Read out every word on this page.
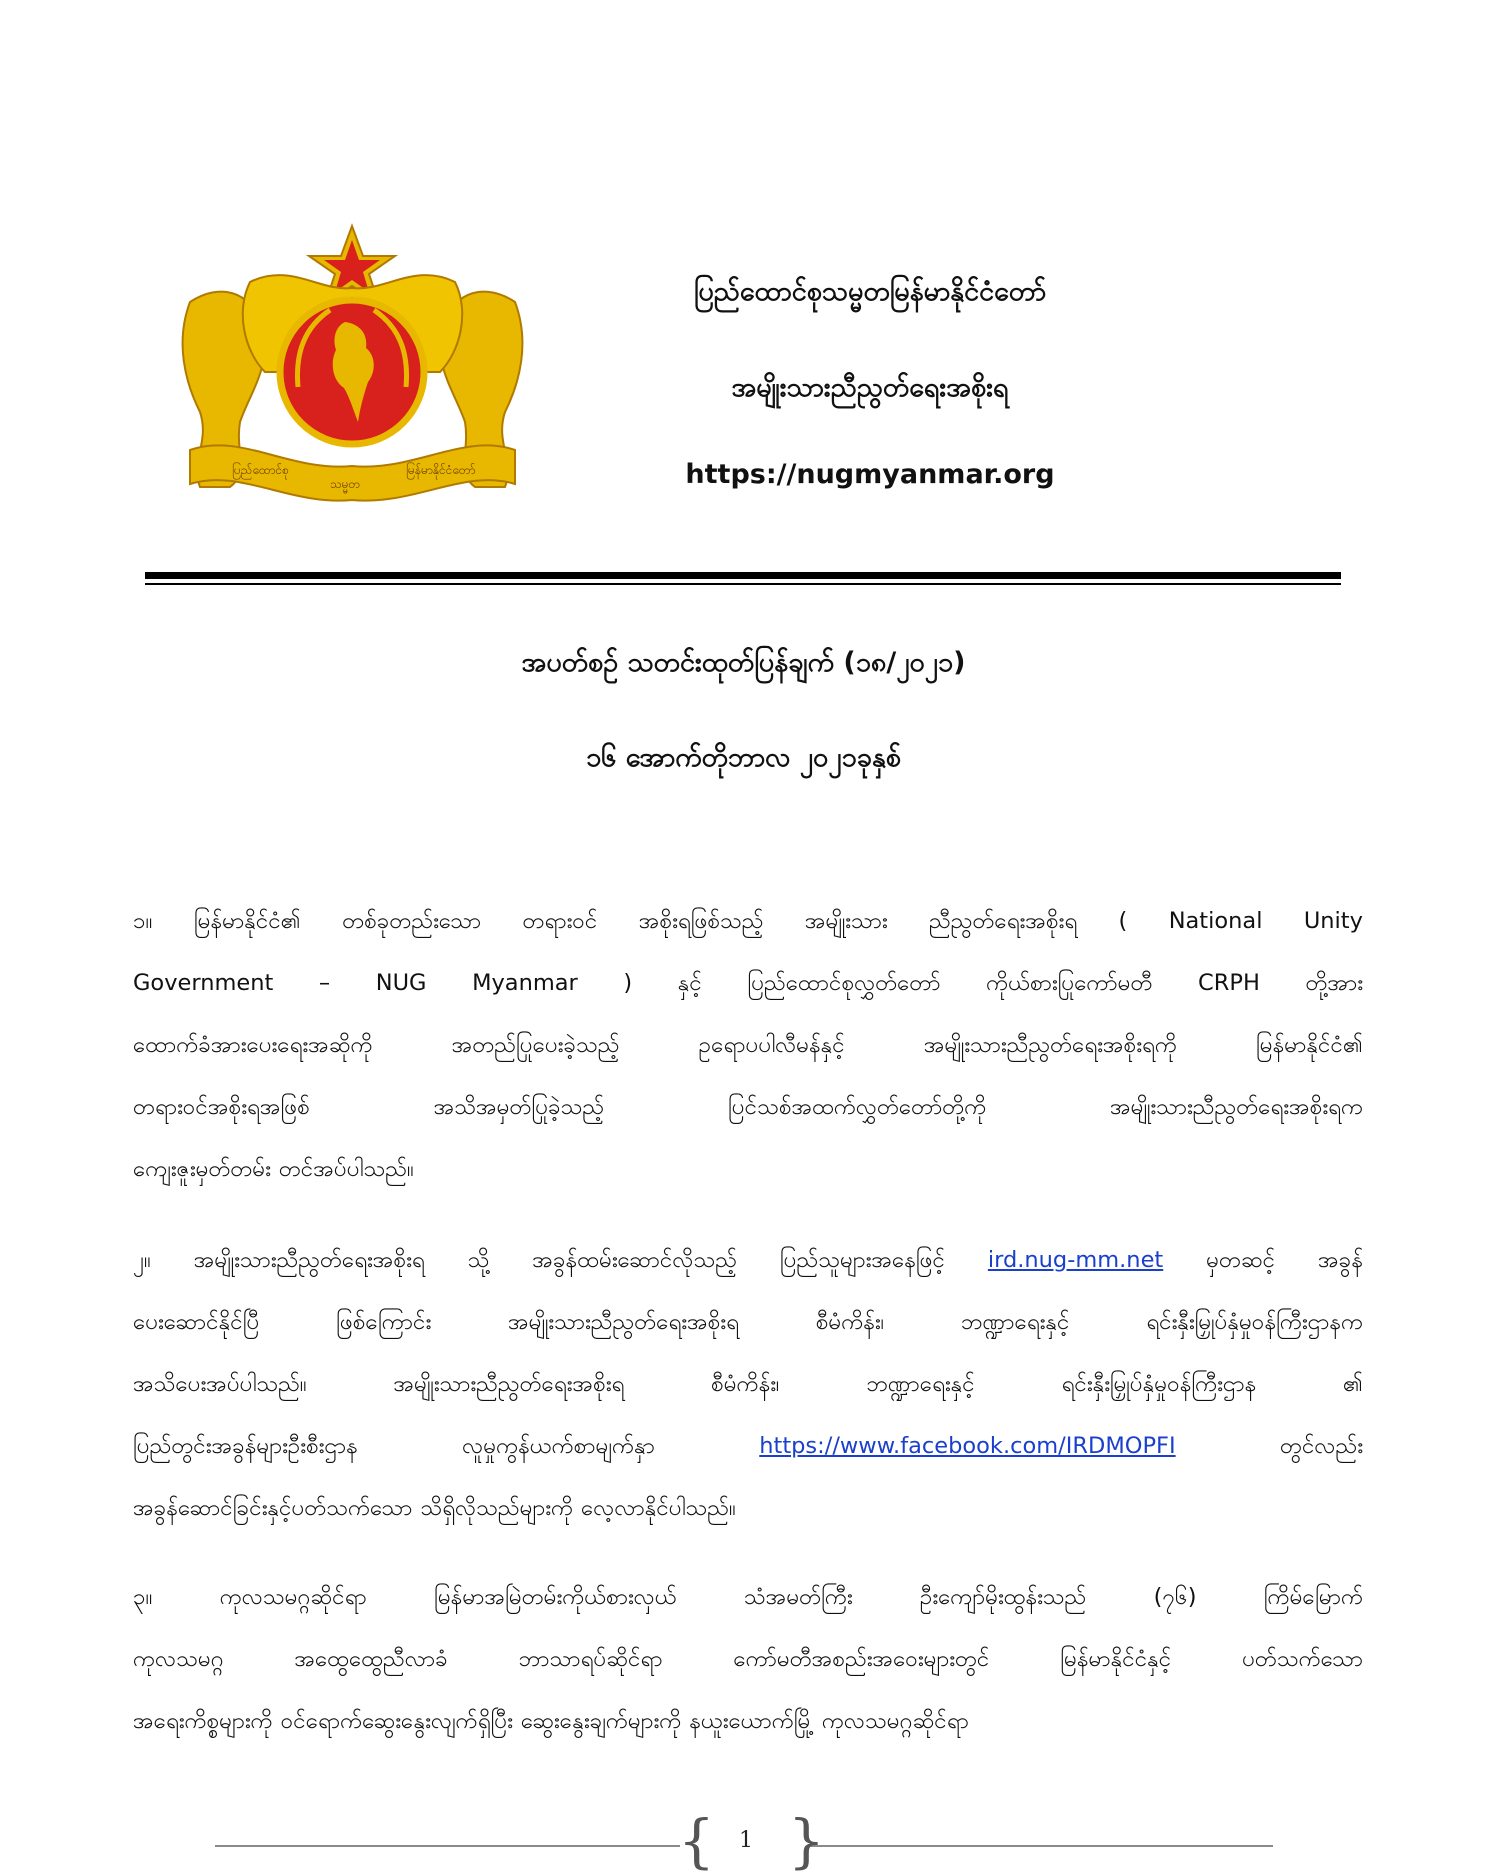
ပြည်ထောင်စု
သမ္မတ
မြန်မာနိုင်ငံတော်
ပြည်ထောင်စုသမ္မတမြန်မာနိုင်ငံတော်
အမျိုးသားညီညွတ်ရေးအစိုးရ
https://nugmyanmar.org
အပတ်စဉ် သတင်းထုတ်ပြန်ချက် (၁၈/၂၀၂၁)
၁၆ အောက်တိုဘာလ ၂၀၂၁ခုနှစ်
၁။ မြန်မာနိုင်ငံ၏ တစ်ခုတည်းသော တရားဝင် အစိုးရဖြစ်သည့် အမျိုးသား ညီညွတ်ရေးအစိုးရ ( National Unity
Government – NUG Myanmar ) နှင့် ပြည်ထောင်စုလွှတ်တော် ကိုယ်စားပြုကော်မတီ CRPH တို့အား
ထောက်ခံအားပေးရေးအဆိုကို	အတည်ပြုပေးခဲ့သည့်	ဥရောပပါလီမန်နှင့်	အမျိုးသားညီညွတ်ရေးအစိုးရကို	မြန်မာနိုင်ငံ၏
တရားဝင်အစိုးရအဖြစ်	အသိအမှတ်ပြုခဲ့သည့်	ပြင်သစ်အထက်လွှတ်တော်တို့ကို	အမျိုးသားညီညွတ်ရေးအစိုးရက
ကျေးဇူးမှတ်တမ်း တင်အပ်ပါသည်။
၂။ အမျိုးသားညီညွတ်ရေးအစိုးရ သို့ အခွန်ထမ်းဆောင်လိုသည့် ပြည်သူများအနေဖြင့် ird.nug-mm.net မှတဆင့် အခွန်
ပေးဆောင်နိုင်ပြီ	ဖြစ်ကြောင်း	အမျိုးသားညီညွတ်ရေးအစိုးရ	စီမံကိန်း၊	ဘဏ္ဍာရေးနှင့်	ရင်းနှီးမြှုပ်နှံမှုဝန်ကြီးဌာနက
အသိပေးအပ်ပါသည်။	အမျိုးသားညီညွတ်ရေးအစိုးရ	စီမံကိန်း၊	ဘဏ္ဍာရေးနှင့်	ရင်းနှီးမြှုပ်နှံမှုဝန်ကြီးဌာန	၏
ပြည်တွင်းအခွန်များဦးစီးဌာန	လူမှုကွန်ယက်စာမျက်နှာ	https://www.facebook.com/IRDMOPFI	တွင်လည်း
အခွန်ဆောင်ခြင်းနှင့်ပတ်သက်သော သိရှိလိုသည်များကို လေ့လာနိုင်ပါသည်။
၃။	ကုလသမဂ္ဂဆိုင်ရာ	မြန်မာအမြဲတမ်းကိုယ်စားလှယ်	သံအမတ်ကြီး	ဦးကျော်မိုးထွန်းသည်	(၇၆)	ကြိမ်မြောက်
ကုလသမဂ္ဂ	အထွေထွေညီလာခံ	ဘာသာရပ်ဆိုင်ရာ	ကော်မတီအစည်းအဝေးများတွင်	မြန်မာနိုင်ငံနှင့်	ပတ်သက်သော
အရေးကိစ္စများကို ဝင်ရောက်ဆွေးနွေးလျက်ရှိပြီး ဆွေးနွေးချက်များကို နယူးယောက်မြို့ ကုလသမဂ္ဂဆိုင်ရာ
{ }
1
